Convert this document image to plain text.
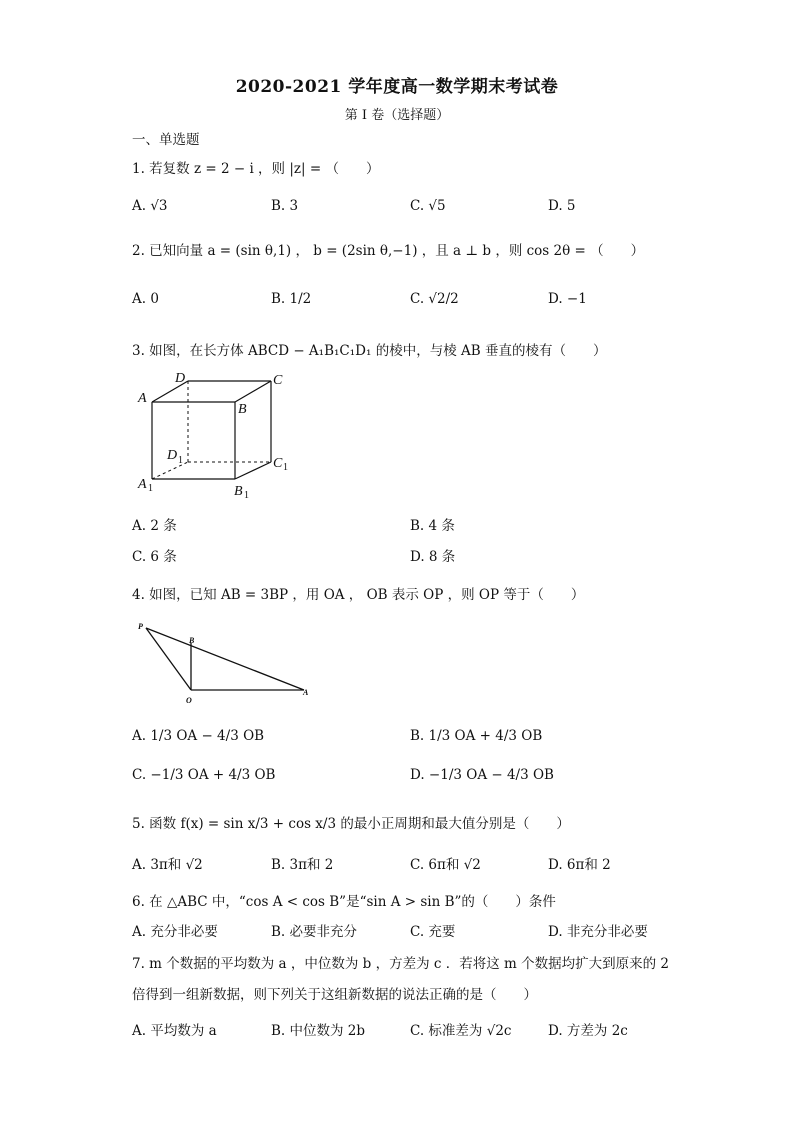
2020-2021 学年度高一数学期末考试卷
第 I 卷（选择题）
一、单选题
1. 若复数 z = 2 − i ，则 |z| = （　　）
A. √3	B. 3	C. √5	D. 5
2. 已知向量 a = (sin θ,1) ， b = (2sin θ,−1) ，且 a ⊥ b ，则 cos 2θ = （　　）
A. 0	B. 1/2	C. √2/2	D. −1
3. 如图，在长方体 ABCD − A₁B₁C₁D₁ 的棱中，与棱 AB 垂直的棱有（　　）
A
B
C
D
D
C
A	B
1
1
1
1
A. 2 条	B. 4 条
C. 6 条	D. 8 条
4. 如图，已知 AB = 3BP ，用 OA ， OB 表示 OP ，则 OP 等于（　　）
P
B
O
A
A. 1/3 OA − 4/3 OB	B. 1/3 OA + 4/3 OB
C. −1/3 OA + 4/3 OB	D. −1/3 OA − 4/3 OB
5. 函数 f(x) = sin x/3 + cos x/3 的最小正周期和最大值分别是（　　）
A. 3π和 √2	B. 3π和 2	C. 6π和 √2	D. 6π和 2
6. 在 △ABC 中，“cos A < cos B”是“sin A > sin B”的（　　）条件
A. 充分非必要	B. 必要非充分	C. 充要	D. 非充分非必要
7. m 个数据的平均数为 a ，中位数为 b ，方差为 c ．若将这 m 个数据均扩大到原来的 2
倍得到一组新数据，则下列关于这组新数据的说法正确的是（　　）
A. 平均数为 a	B. 中位数为 2b	C. 标准差为 √2c	D. 方差为 2c
